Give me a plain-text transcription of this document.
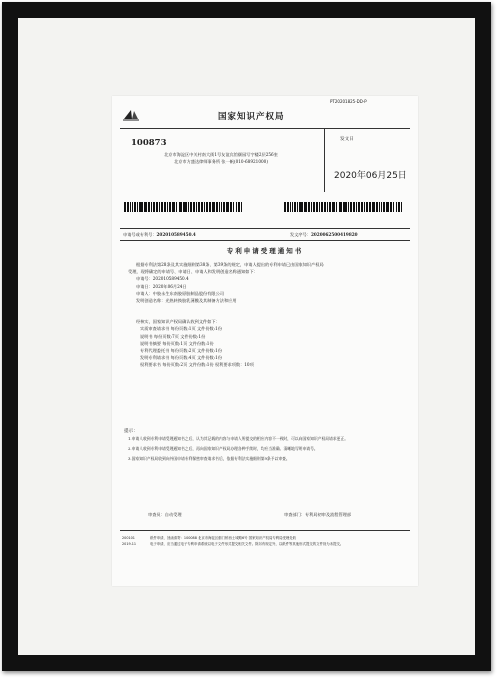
PT20201825-DD-P
国家知识产权局
100873
北京市海淀区中关村南大街1号友谊宾馆颐园写字楼2层256室
北京市方盛达律师事务所 张一帆(010-68921000)
发文日
2020年06月25日
申请号或专利号：202010589450.4	发文序号：2020062500419820
专利申请受理通知书
根据专利法第28条及其实施细则第38条、第39条的规定，申请人提出的专利申请已由国家知识产权局
受理，现将确定的申请号、申请日、申请人和发明创造名称通知如下：
申请号：202010589450.4
申请日：2020年06月24日
申请人：中胶永生东南胶原胶制品股份有限公司
发明创造名称：光热转换胶乳薄膜及其制备方法和应用
经核实，国家知识产权局确认收到文件如下：
实质审查请求书 每份页数:1页 文件份数:1份
说明书 每份页数:7页 文件份数:1份
说明书摘要 每份页数:1页 文件份数:1份
专利代理委托书 每份页数:2页 文件份数:1份
发明专利请求书 每份页数:4页 文件份数:1份
权利要求书 每份页数:2页 文件份数:1份 权利要求项数：10项
提示：

1.申请人收到专利申请受理通知书之后，认为其记载的内容与申请人所提交的相应内容不一致时，可以向国家知识产权局请求更正。

2.申请人收到专利申请受理通知书之后，再向国家知识产权局办理各种手续时，均应当准确、清晰地写明申请号。

3.国家知识产权局收到向外国申请专利保密审查请求书后，依据专利法实施细则第9条予以审查。

审查员：自动受理	审查部门：专利局初审及流程管理部
200101
2019.11
纸件申请，回函请寄：100088 北京市海淀区蓟门桥西土城路6号 国家知识产权局专利局受理处收
电子申请，应当通过电子专利申请系统以电子文件形式提交相关文件。除另有规定外，以纸件等其他形式提交的文件视为未提交。
